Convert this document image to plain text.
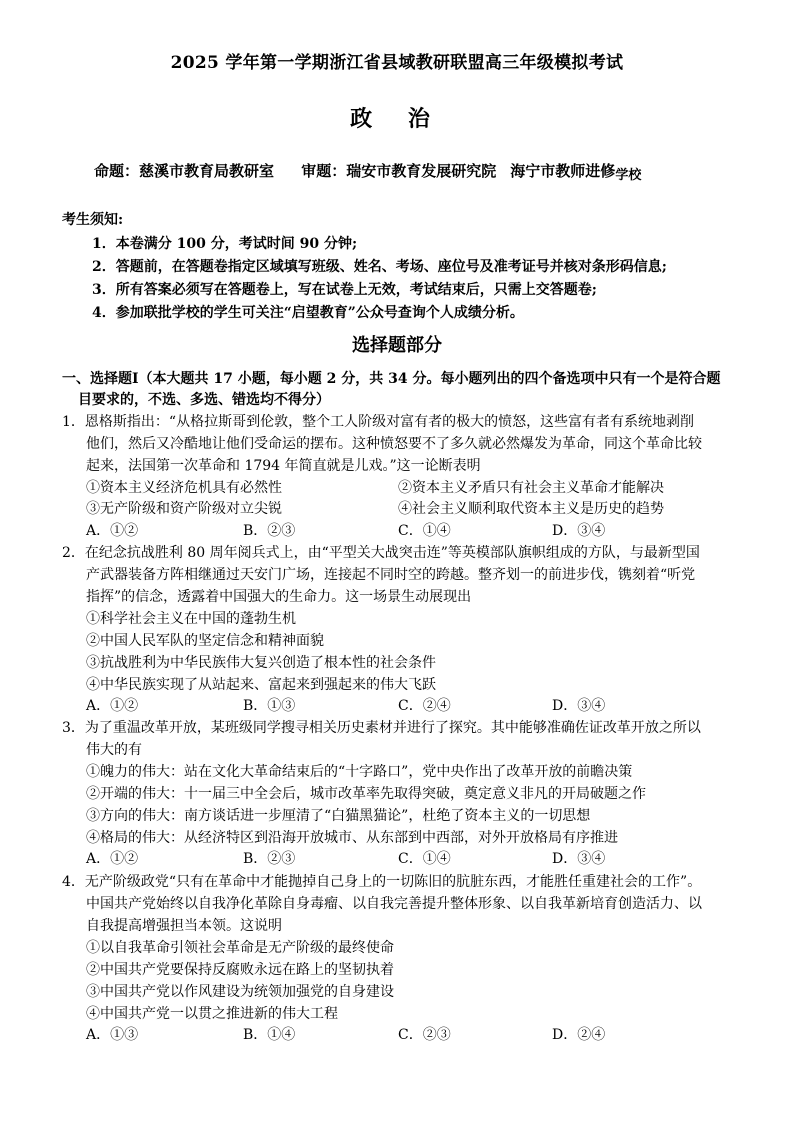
2025 学年第一学期浙江省县域教研联盟高三年级模拟考试
政 治
命题：慈溪市教育局教研室 审题：瑞安市教育发展研究院 海宁市教师进修学校
考生须知:
1．本卷满分 100 分，考试时间 90 分钟;
2．答题前，在答题卷指定区域填写班级、姓名、考场、座位号及准考证号并核对条形码信息;
3．所有答案必须写在答题卷上，写在试卷上无效，考试结束后，只需上交答题卷;
4．参加联批学校的学生可关注“启望教育”公众号查询个人成绩分析。
选择题部分
一、选择题Ⅰ（本大题共 17 小题，每小题 2 分，共 34 分。每小题列出的四个备选项中只有一个是符合题
目要求的，不选、多选、错选均不得分）
1．恩格斯指出：“从格拉斯哥到伦敦，整个工人阶级对富有者的极大的愤怒，这些富有者有系统地剥削
他们，然后又冷酷地让他们受命运的摆布。这种愤怒要不了多久就必然爆发为革命，同这个革命比较
起来，法国第一次革命和 1794 年简直就是儿戏。”这一论断表明
①资本主义经济危机具有必然性	②资本主义矛盾只有社会主义革命才能解决
③无产阶级和资产阶级对立尖锐	④社会主义顺利取代资本主义是历史的趋势
A．①②	B．②③	C．①④	D．③④
2．在纪念抗战胜利 80 周年阅兵式上，由“平型关大战突击连”等英模部队旗帜组成的方队，与最新型国
产武器装备方阵相继通过天安门广场，连接起不同时空的跨越。整齐划一的前进步伐，镌刻着“听党
指挥”的信念，透露着中国强大的生命力。这一场景生动展现出
①科学社会主义在中国的蓬勃生机
②中国人民军队的坚定信念和精神面貌
③抗战胜利为中华民族伟大复兴创造了根本性的社会条件
④中华民族实现了从站起来、富起来到强起来的伟大飞跃
A．①②	B．①③	C．②④	D．③④
3．为了重温改革开放，某班级同学搜寻相关历史素材并进行了探究。其中能够准确佐证改革开放之所以
伟大的有
①魄力的伟大：站在文化大革命结束后的“十字路口”，党中央作出了改革开放的前瞻决策
②开端的伟大：十一届三中全会后，城市改革率先取得突破，奠定意义非凡的开局破题之作
③方向的伟大：南方谈话进一步厘清了“白猫黑猫论”，杜绝了资本主义的一切思想
④格局的伟大：从经济特区到沿海开放城市、从东部到中西部，对外开放格局有序推进
A．①②	B．②③	C．①④	D．③④
4．无产阶级政党“只有在革命中才能抛掉自己身上的一切陈旧的肮脏东西，才能胜任重建社会的工作”。
中国共产党始终以自我净化革除自身毒瘤、以自我完善提升整体形象、以自我革新培育创造活力、以
自我提高增强担当本领。这说明
①以自我革命引领社会革命是无产阶级的最终使命
②中国共产党要保持反腐败永远在路上的坚韧执着
③中国共产党以作风建设为统领加强党的自身建设
④中国共产党一以贯之推进新的伟大工程
A．①③	B．①④	C．②③	D．②④
